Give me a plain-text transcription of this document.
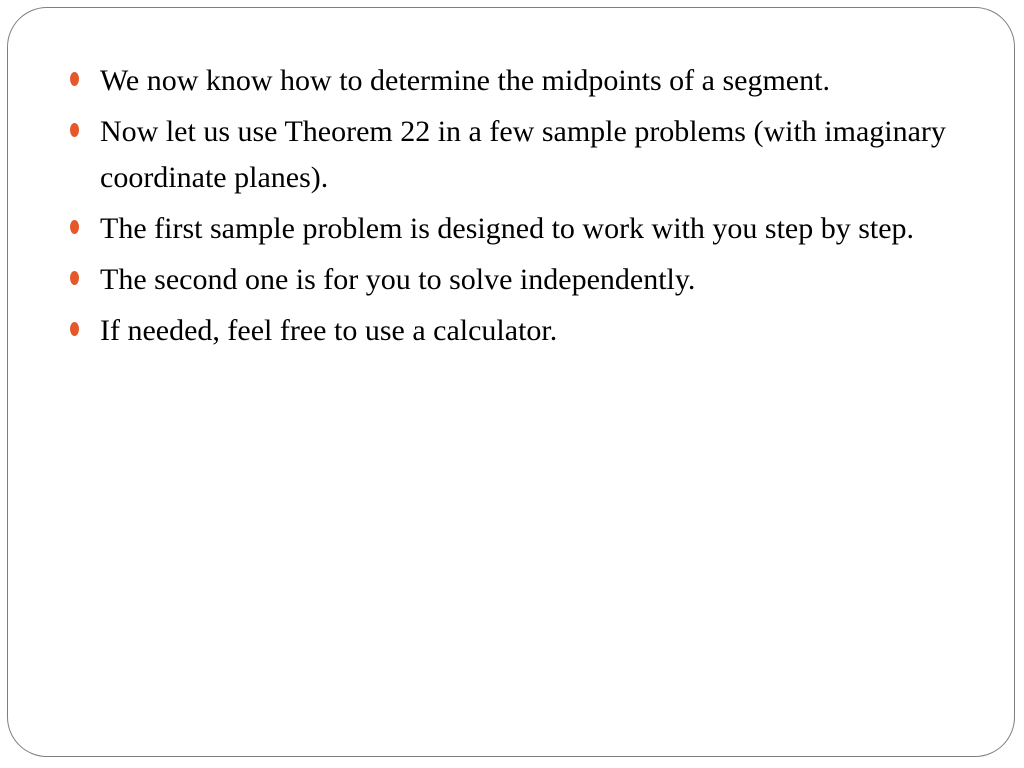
We now know how to determine the midpoints of a segment.
Now let us use Theorem 22 in a few sample problems (with imaginary coordinate planes).
The first sample problem is designed to work with you step by step.
The second one is for you to solve independently.
If needed, feel free to use a calculator.
